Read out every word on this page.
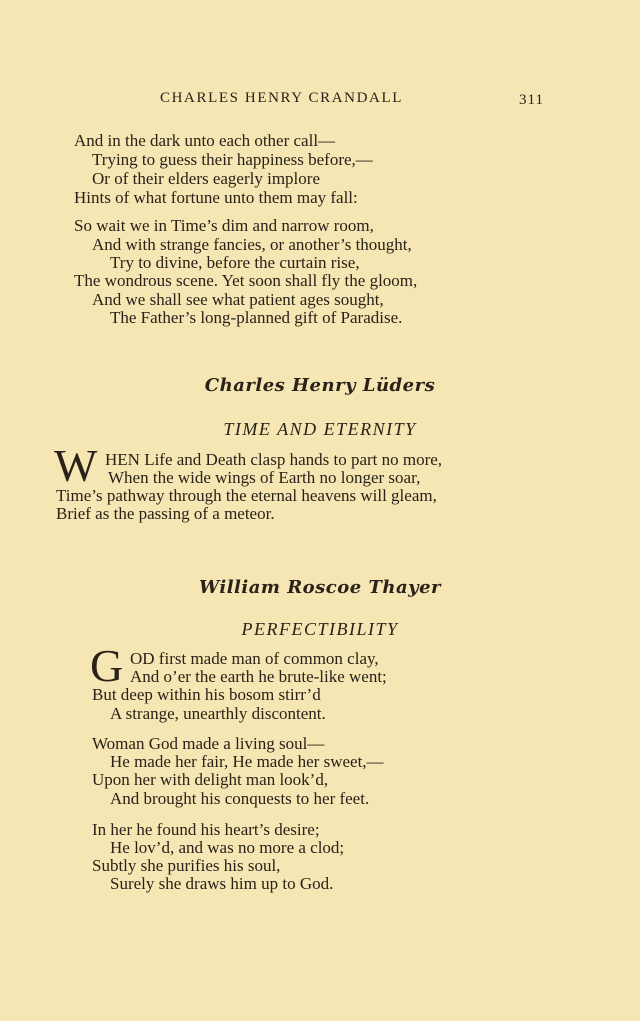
CHARLES HENRY CRANDALL	311
And in the dark unto each other call—
Trying to guess their happiness before,—
Or of their elders eagerly implore
Hints of what fortune unto them may fall:
So wait we in Time’s dim and narrow room,
And with strange fancies, or another’s thought,
Try to divine, before the curtain rise,
The wondrous scene. Yet soon shall fly the gloom,
And we shall see what patient ages sought,
The Father’s long-planned gift of Paradise.
Charles Henry Lüders
TIME AND ETERNITY
W HEN Life and Death clasp hands to part no more,
When the wide wings of Earth no longer soar,
Time’s pathway through the eternal heavens will gleam,
Brief as the passing of a meteor.
William Roscoe Thayer
PERFECTIBILITY
G OD first made man of common clay,
And o’er the earth he brute-like went;
But deep within his bosom stirr’d
A strange, unearthly discontent.
Woman God made a living soul—
He made her fair, He made her sweet,—
Upon her with delight man look’d,
And brought his conquests to her feet.
In her he found his heart’s desire;
He lov’d, and was no more a clod;
Subtly she purifies his soul,
Surely she draws him up to God.
